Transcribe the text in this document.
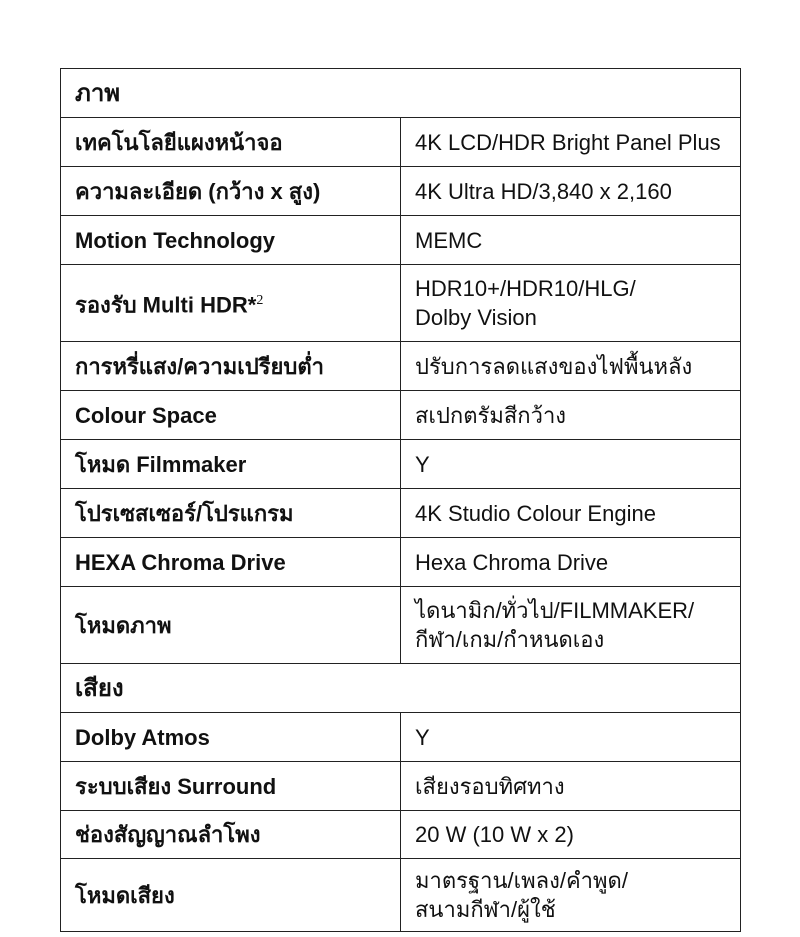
ภาพ	
เทคโนโลยีแผงหน้าจอ	4K LCD/HDR Bright Panel Plus
ความละเอียด (กว้าง x สูง)	4K Ultra HD/3,840 x 2,160
Motion Technology	MEMC
รองรับ Multi HDR*$^2$	HDR10+/HDR10/HLG/
Dolby Vision

การหรี่แสง/ความเปรียบต่ำ	ปรับการลดแสงของไฟพื้นหลัง
Colour Space	สเปกตรัมสีกว้าง
โหมด Filmmaker	Y
โปรเซสเซอร์/โปรแกรม	4K Studio Colour Engine
HEXA Chroma Drive	Hexa Chroma Drive
โหมดภาพ	ไดนามิก/ทั่วไป/FILMMAKER/
กีฬา/เกม/กำหนดเอง

เสียง	
Dolby Atmos	Y
ระบบเสียง Surround	เสียงรอบทิศทาง
ช่องสัญญาณลำโพง	20 W (10 W x 2)
โหมดเสียง	มาตรฐาน/เพลง/คำพูด/
สนามกีฬา/ผู้ใช้
